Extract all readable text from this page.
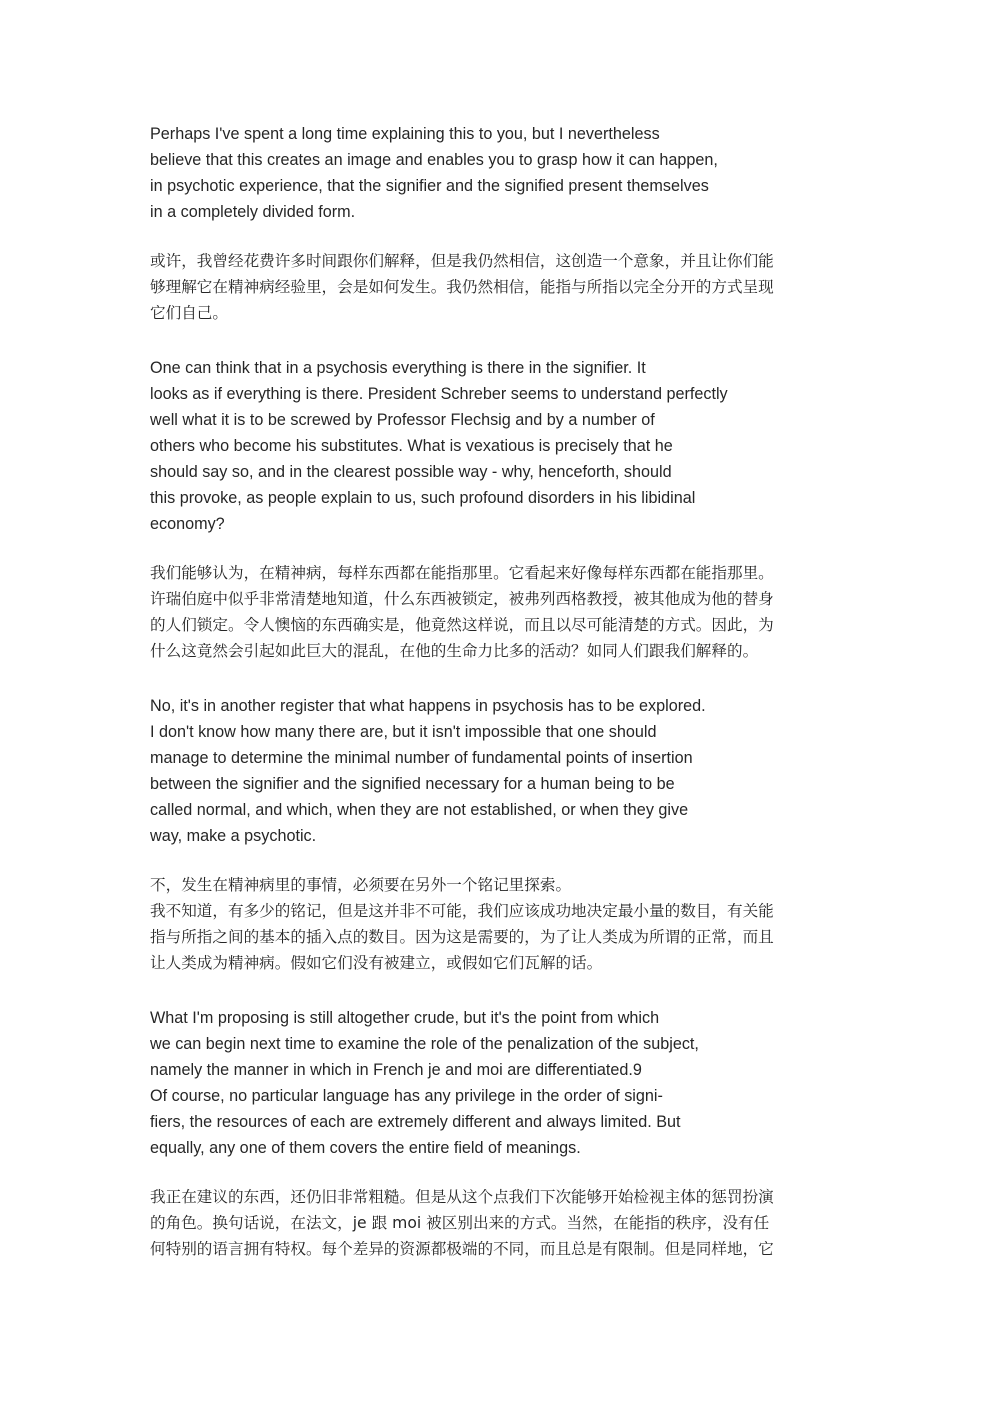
Perhaps I've spent a long time explaining this to you, but I nevertheless
believe that this creates an image and enables you to grasp how it can happen,
in psychotic experience, that the signifier and the signified present themselves
in a completely divided form.
或许，我曾经花费许多时间跟你们解释，但是我仍然相信，这创造一个意象，并且让你们能
够理解它在精神病经验里，会是如何发生。我仍然相信，能指与所指以完全分开的方式呈现
它们自己。
One can think that in a psychosis everything is there in the signifier. It
looks as if everything is there. President Schreber seems to understand perfectly
well what it is to be screwed by Professor Flechsig and by a number of
others who become his substitutes. What is vexatious is precisely that he
should say so, and in the clearest possible way - why, henceforth, should
this provoke, as people explain to us, such profound disorders in his libidinal
economy?
我们能够认为，在精神病，每样东西都在能指那里。它看起来好像每样东西都在能指那里。
许瑞伯庭中似乎非常清楚地知道，什么东西被锁定，被弗列西格教授，被其他成为他的替身
的人们锁定。令人懊恼的东西确实是，他竟然这样说，而且以尽可能清楚的方式。因此，为
什么这竟然会引起如此巨大的混乱，在他的生命力比多的活动？如同人们跟我们解释的。
No, it's in another register that what happens in psychosis has to be explored.
I don't know how many there are, but it isn't impossible that one should
manage to determine the minimal number of fundamental points of insertion
between the signifier and the signified necessary for a human being to be
called normal, and which, when they are not established, or when they give
way, make a psychotic.
不，发生在精神病里的事情，必须要在另外一个铭记里探索。
我不知道，有多少的铭记，但是这并非不可能，我们应该成功地决定最小量的数目，有关能
指与所指之间的基本的插入点的数目。因为这是需要的，为了让人类成为所谓的正常，而且
让人类成为精神病。假如它们没有被建立，或假如它们瓦解的话。
What I'm proposing is still altogether crude, but it's the point from which
we can begin next time to examine the role of the penalization of the subject,
namely the manner in which in French je and moi are differentiated.9
Of course, no particular language has any privilege in the order of signi-
fiers, the resources of each are extremely different and always limited. But
equally, any one of them covers the entire field of meanings.
我正在建议的东西，还仍旧非常粗糙。但是从这个点我们下次能够开始检视主体的惩罚扮演
的角色。换句话说，在法文，je 跟 moi 被区别出来的方式。当然，在能指的秩序，没有任
何特别的语言拥有特权。每个差异的资源都极端的不同，而且总是有限制。但是同样地，它
